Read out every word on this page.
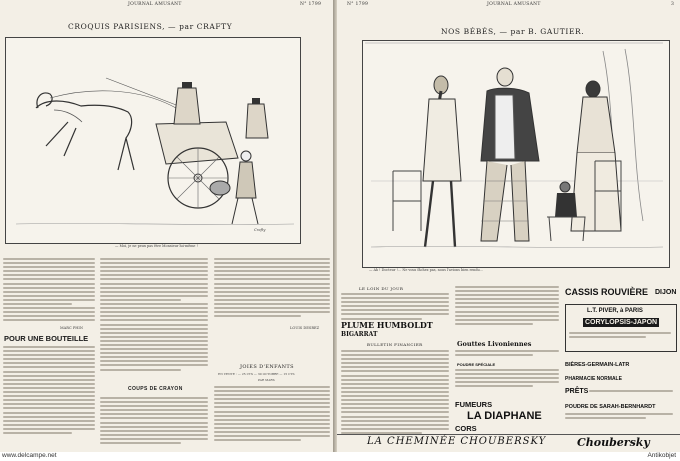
JOURNAL AMUSANT	N° 1799
CROQUIS PARISIENS, — par CRAFTY
Crafty
— Moi, je ne peux pas être Monsieur lui-même !
MARC PHIN
POUR UNE BOUTEILLE
COUPS DE CRAYON
LOUIS DESREZ
JOIES D'ENFANTS
EN VENTE : — 25 CTS — 30 OCTOBRE — 15 CTS
PAR MARS
N° 1799	JOURNAL AMUSANT	3
NOS BÉBÉS, — par B. GAUTIER.
— Ah ! Docteur !… Ne vous fâchez pas, nous l'avions bien rendu…
LE LOIN DU JOUR
PLUME HUMBOLDT
BIGARRAT
BULLETIN FINANCIER	Gouttes Livoniennes
POUDRE SPÉCIALE
FUMEURS
LA DIAPHANE
CORS
CASSIS ROUVIÈRE DIJON
L.T. PIVER, à PARIS
CORYLOPSIS-JAPON
BIÈRES-GERMAIN-LATR
PHARMACIE NORMALE
PRÊTS
POUDRE DE SARAH-BERNHARDT
LA CHEMINÉE CHOUBERSKY	Choubersky
www.delcampe.net	Antikobjet
